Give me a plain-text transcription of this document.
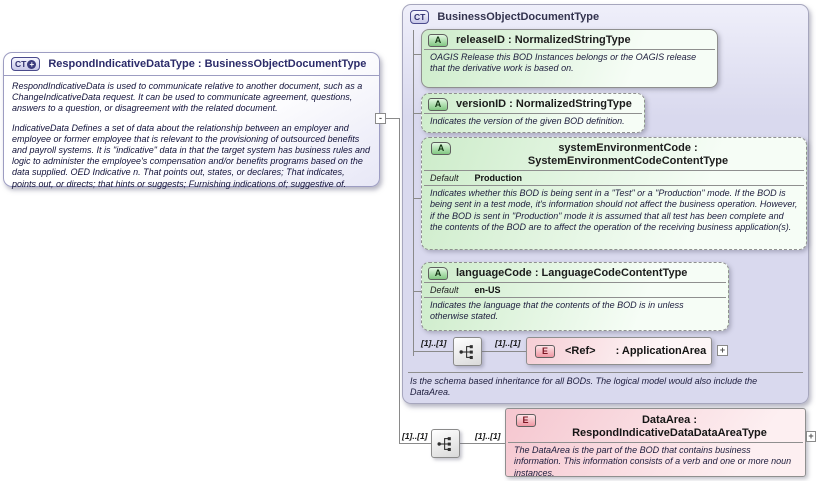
CT + RespondIndicativeDataType : BusinessObjectDocumentType

RespondIndicativeData is used to communicate relative to another document, such as a ChangeIndicativeData request. It can be used to communicate agreement, questions, answers to a question, or disagreement with the related document.

IndicativeData Defines a set of data about the relationship between an employer and employee or former employee that is relevant to the provisioning of outsourced benefits and payroll systems. It is "indicative" data in that the target system has business rules and logic to administer the employee's compensation and/or benefits programs based on the data supplied. OED Indicative n. That points out, states, or declares; That indicates, points out, or directs; that hints or suggests; Furnishing indications of; suggestive of.

-
CT BusinessObjectDocumentType
A	releaseID : NormalizedStringType
OAGIS Release this BOD Instances belongs or the OAGIS release that the derivative work is based on.
A	versionID : NormalizedStringType
Indicates the version of the given BOD definition.
A	systemEnvironmentCode : SystemEnvironmentCodeContentType
Default Production
Indicates whether this BOD is being sent in a "Test" or a "Production" mode. If the BOD is being sent in a test mode, it's information should not affect the business operation. However, if the BOD is sent in "Production" mode it is assumed that all test has been complete and the contents of the BOD are to affect the operation of the receiving business application(s).
A	languageCode : LanguageCodeContentType
Default en-US
Indicates the language that the contents of the BOD is in unless otherwise stated.
[1]..[1]	[1]..[1]
E	<Ref> : ApplicationArea	+
Is the schema based inheritance for all BODs. The logical model would also include the DataArea.
[1]..[1]	[1]..[1]
E	DataArea : RespondIndicativeDataDataAreaType
The DataArea is the part of the BOD that contains business information. This information consists of a verb and one or more noun instances.
+
